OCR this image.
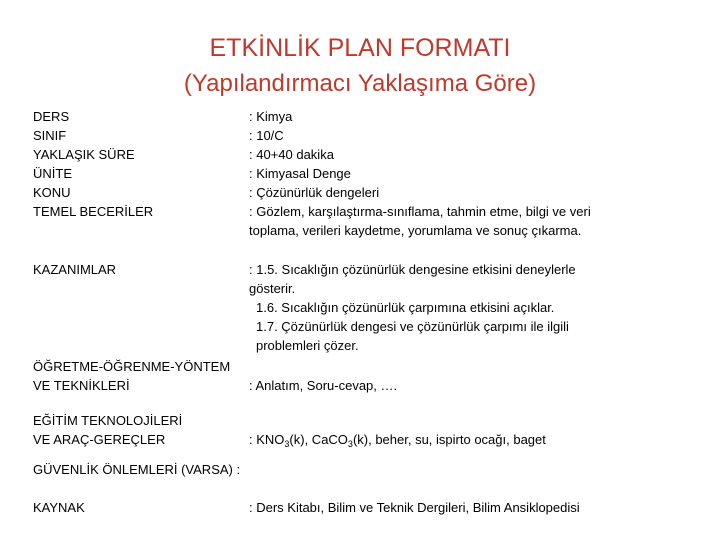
ETKİNLİK PLAN FORMATI
(Yapılandırmacı Yaklaşıma Göre)
DERS
SINIF
YAKLAŞIK SÜRE
ÜNİTE
KONU
TEMEL BECERİLER
KAZANIMLAR
ÖĞRETME-ÖĞRENME-YÖNTEM
VE TEKNİKLERİ
EĞİTİM TEKNOLOJİLERİ
VE ARAÇ-GEREÇLER
GÜVENLİK ÖNLEMLERİ (VARSA) :
KAYNAK
: Kimya
: 10/C
: 40+40 dakika
: Kimyasal Denge
: Çözünürlük dengeleri
: Gözlem, karşılaştırma-sınıflama, tahmin etme, bilgi ve veri toplama, verileri kaydetme, yorumlama ve sonuç çıkarma.
: 1.5. Sıcaklığın çözünürlük dengesine etkisini deneylerle gösterir.
1.6. Sıcaklığın çözünürlük çarpımına etkisini açıklar.
1.7. Çözünürlük dengesi ve çözünürlük çarpımı ile ilgili problemleri çözer.
: Anlatım, Soru-cevap, ….
: $KNO_3(k)$, CaCO$_3$(k), beher, su, ispirto ocağı, baget
: Ders Kitabı, Bilim ve Teknik Dergileri, Bilim Ansiklopedisi
